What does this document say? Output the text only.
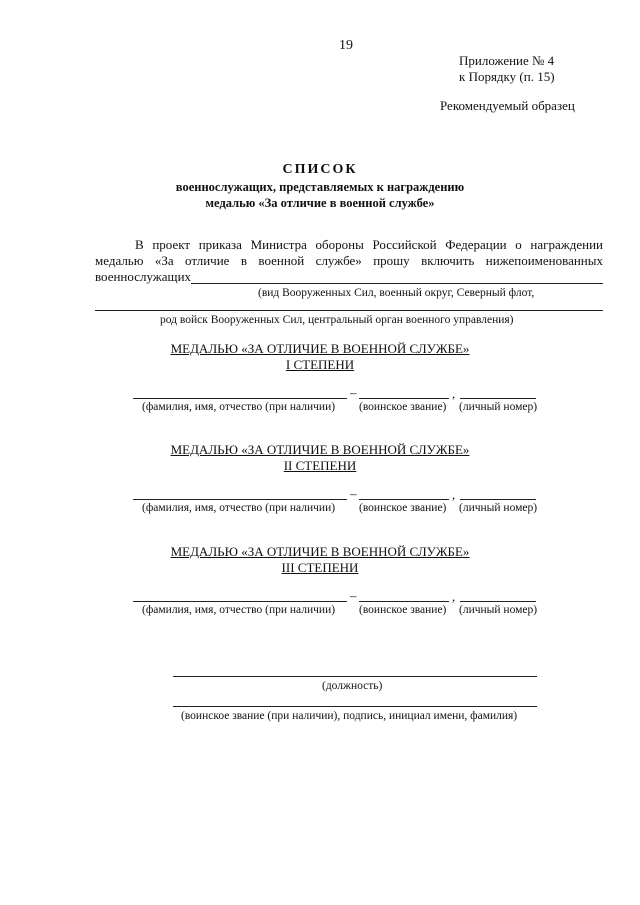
19
Приложение № 4
к Порядку (п. 15)
Рекомендуемый образец
СПИСОК
военнослужащих, представляемых к награждению
медалью «За отличие в военной службе»
В проект приказа Министра обороны Российской Федерации о награждении
медалью «За отличие в военной службе» прошу включить нижепоименованных
военнослужащих
(вид Вооруженных Сил, военный округ, Северный флот,
род войск Вооруженных Сил, центральный орган военного управления)
МЕДАЛЬЮ «ЗА ОТЛИЧИЕ В ВОЕННОЙ СЛУЖБЕ»
I СТЕПЕНИ
–	,
(фамилия, имя, отчество (при наличии) (воинское звание) (личный номер)
МЕДАЛЬЮ «ЗА ОТЛИЧИЕ В ВОЕННОЙ СЛУЖБЕ»
II СТЕПЕНИ
–	,
(фамилия, имя, отчество (при наличии) (воинское звание) (личный номер)
МЕДАЛЬЮ «ЗА ОТЛИЧИЕ В ВОЕННОЙ СЛУЖБЕ»
III СТЕПЕНИ
–	,
(фамилия, имя, отчество (при наличии) (воинское звание) (личный номер)
(должность)
(воинское звание (при наличии), подпись, инициал имени, фамилия)
